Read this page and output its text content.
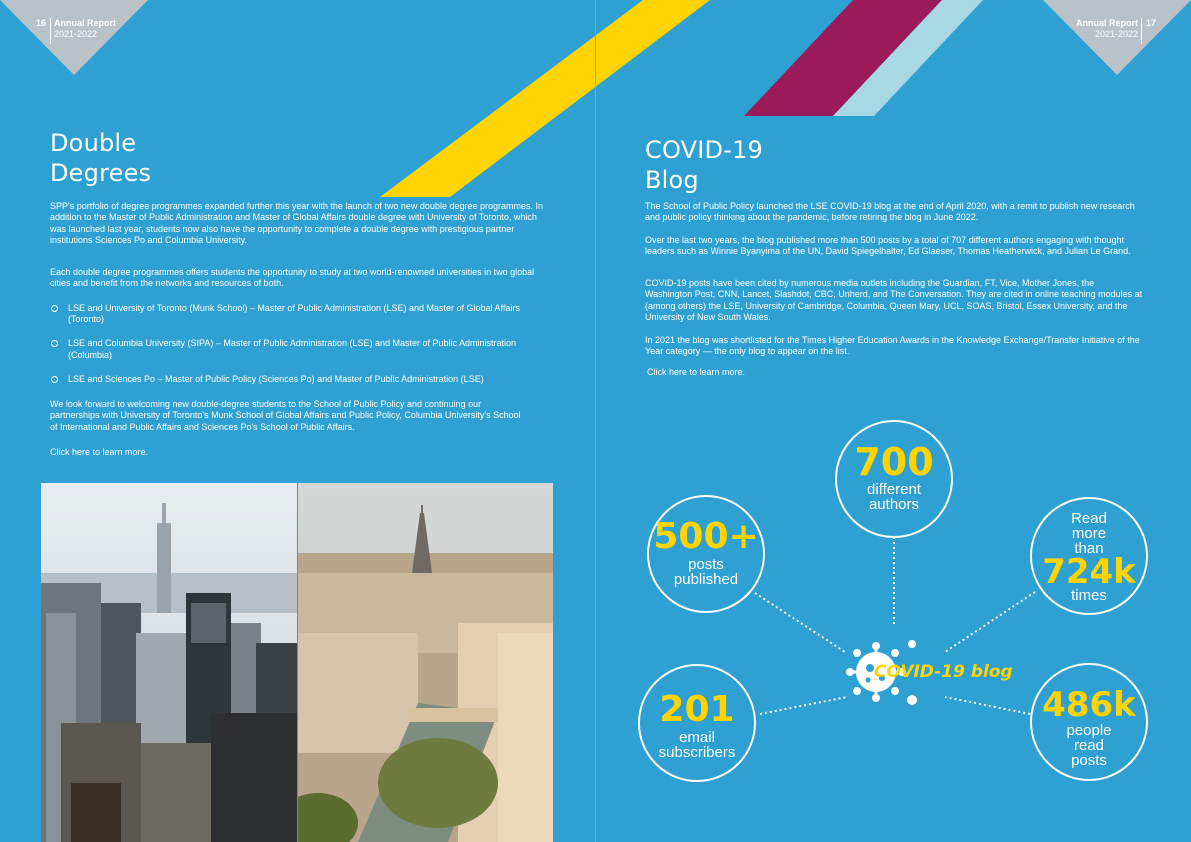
16 Annual Report
2021-2022
Annual Report
2021-2022
17
Double
Degrees

SPP's portfolio of degree programmes expanded further this year with the launch of two new double degree programmes. In addition to the Master of Public Administration and Master of Global Affairs double degree with University of Toronto, which was launched last year, students now also have the opportunity to complete a double degree with prestigious partner institutions Sciences Po and Columbia University.

Each double degree programmes offers students the opportunity to study at two world-renowned universities in two global cities and benefit from the networks and resources of both.

LSE and University of Toronto (Munk School) – Master of Public Administration (LSE) and Master of Global Affairs (Toronto)
LSE and Columbia University (SIPA) – Master of Public Administration (LSE) and Master of Public Administration (Columbia)
LSE and Sciences Po – Master of Public Policy (Sciences Po) and Master of Public Administration (LSE)

We look forward to welcoming new double-degree students to the School of Public Policy and continuing our partnerships with University of Toronto's Munk School of Global Affairs and Public Policy, Columbia University's School of International and Public Affairs and Sciences Po's School of Public Affairs.

Click here to learn more.

COVID-19
Blog

The School of Public Policy launched the LSE COVID-19 blog at the end of April 2020, with a remit to publish new research and public policy thinking about the pandemic, before retiring the blog in June 2022.

Over the last two years, the blog published more than 500 posts by a total of 707 different authors engaging with thought leaders such as Winnie Byanyima of the UN, David Spiegelhalter, Ed Glaeser, Thomas Heatherwick, and Julian Le Grand.

COVID-19 posts have been cited by numerous media outlets including the Guardian, FT, Vice, Mother Jones, the Washington Post, CNN, Lancet, Slashdot, CBC, Unherd, and The Conversation. They are cited in online teaching modules at (among others) the LSE, University of Cambridge, Columbia, Queen Mary, UCL, SOAS, Bristol, Essex University, and the University of New South Wales.

In 2021 the blog was shortlisted for the Times Higher Education Awards in the Knowledge Exchange/Transfer Initiative of the Year category — the only blog to appear on the list.

Click here to learn more.

COVID-19 blog
700
different
authors
500+
posts
published
Read
more
than
724k
times
201
email
subscribers
486k
people
read
posts
